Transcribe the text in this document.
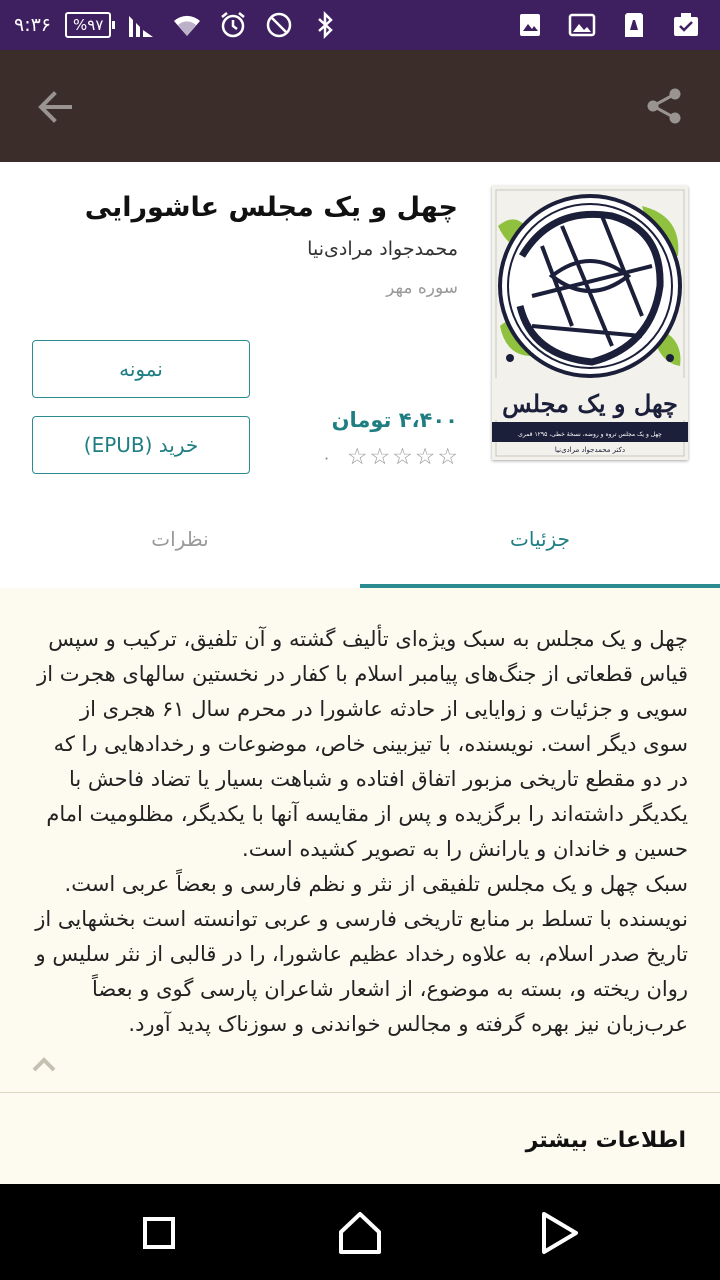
۹:۳۶	%۹۷
چهل و یک مجلس
چهل و یک مجلس تروه و روضه، نسخهٔ خطی، ۱۲۹۵ قمری
دکتر محمدجواد مرادی‌نیا
چهل و یک مجلس عاشورایی
محمدجواد مرادی‌نیا
سوره مهر
نمونه
خرید (EPUB)
۴،۴۰۰ تومان
۰ ☆ ☆ ☆ ☆ ☆
جزئیات
نظرات

چهل و یک مجلس به سبک ویژه‌ای تألیف گشته و آن تلفیق، ترکیب و سپس قیاس قطعاتی از جنگ‌های پیامبر اسلام با کفار در نخستین سالهای هجرت از سویی و جزئیات و زوایایی از حادثه عاشورا در محرم سال ۶۱ هجری از سوی دیگر است. نویسنده، با تیزبینی خاص، موضوعات و رخدادهایی را که در دو مقطع تاریخی مزبور اتفاق افتاده و شباهت بسیار یا تضاد فاحش با یکدیگر داشته‌اند را برگزیده و پس از مقایسه آنها با یکدیگر، مظلومیت امام حسین و خاندان و یارانش را به تصویر کشیده است.

سبک چهل و یک مجلس تلفیقی از نثر و نظم فارسی و بعضاً عربی است. نویسنده با تسلط بر منابع تاریخی فارسی و عربی توانسته است بخشهایی از تاریخ صدر اسلام، به علاوه رخداد عظیم عاشورا، را در قالبی از نثر سلیس و روان ریخته و، بسته به موضوع، از اشعار شاعران پارسی گوی و بعضاً عرب‌زبان نیز بهره گرفته و مجالس خواندنی و سوزناک پدید آورد.

اطلاعات بیشتر
